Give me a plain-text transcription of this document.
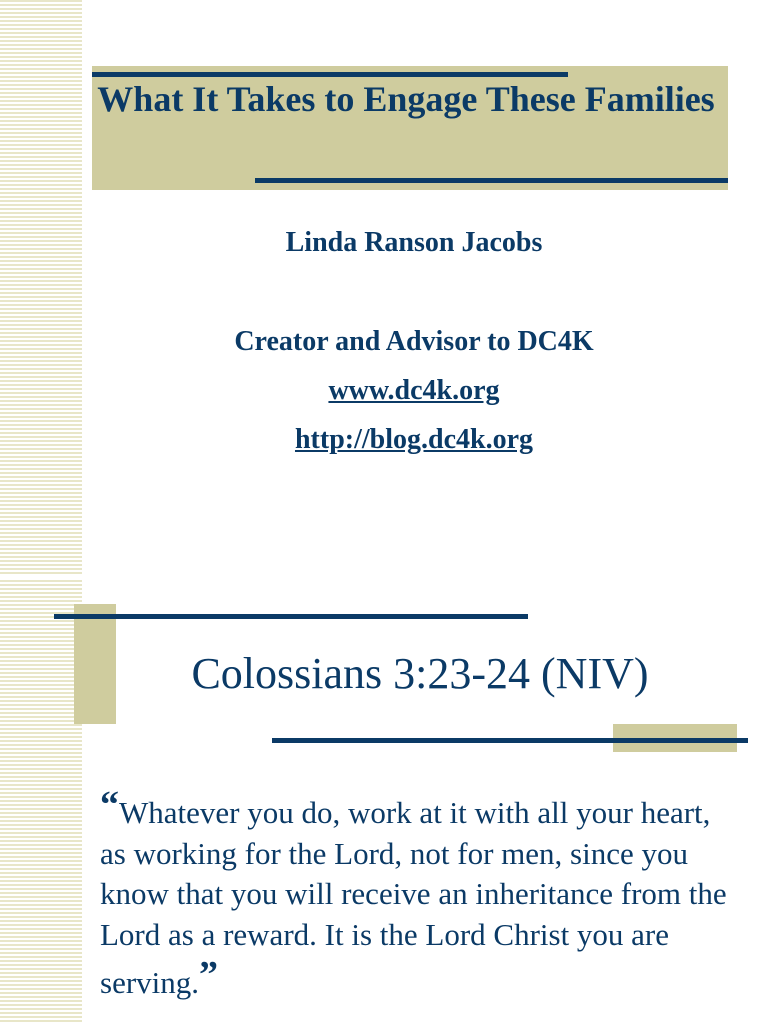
What It Takes to Engage These Families
Linda Ranson Jacobs
Creator and Advisor to DC4K
www.dc4k.org
http://blog.dc4k.org
Colossians 3:23-24 (NIV)
“Whatever you do, work at it with all your heart, as working for the Lord, not for men, since you know that you will receive an inheritance from the Lord as a reward. It is the Lord Christ you are serving.”
